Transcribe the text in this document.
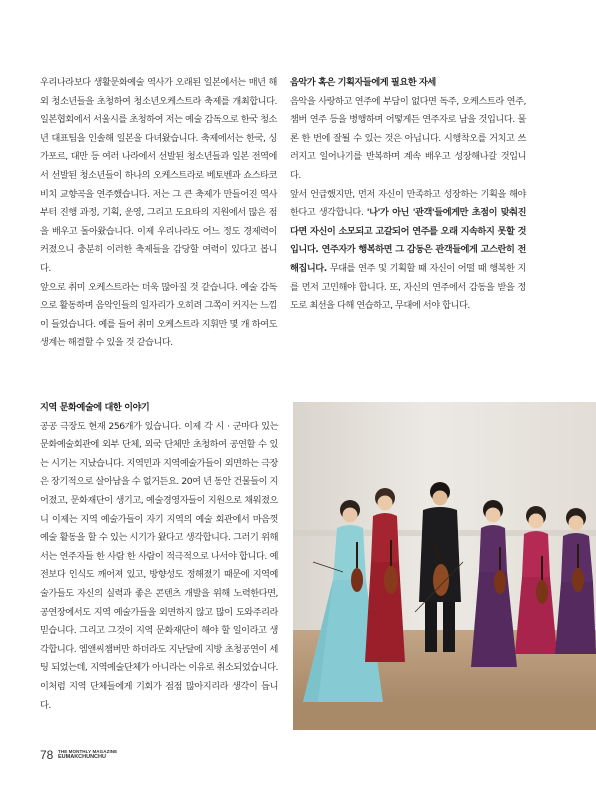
우리나라보다 생활문화예술 역사가 오래된 일본에서는 매년 해외 청소년들을 초청하여 청소년오케스트라 축제를 개최합니다. 일본협회에서 서울시를 초청하여 저는 예술 감독으로 한국 청소년 대표팀을 인솔해 일본을 다녀왔습니다. 축제에서는 한국, 싱가포르, 대만 등 여러 나라에서 선발된 청소년들과 일본 전역에서 선발된 청소년들이 하나의 오케스트라로 베토벤과 쇼스타코비치 교향곡을 연주했습니다. 저는 그 큰 축제가 만들어진 역사부터 진행 과정, 기획, 운영, 그리고 도요타의 지원에서 많은 점을 배우고 돌아왔습니다. 이제 우리나라도 어느 정도 경제력이 커졌으니 충분히 이러한 축제들을 감당할 여력이 있다고 봅니다.

앞으로 취미 오케스트라는 더욱 많아질 것 같습니다. 예술 감독으로 활동하며 음악인들의 일자리가 오히려 그쪽이 커지는 느낌이 들었습니다. 예를 들어 취미 오케스트라 지휘만 몇 개 하여도 생계는 해결할 수 있을 것 같습니다.

음악가 혹은 기획자들에게 필요한 자세

음악을 사랑하고 연주에 부담이 없다면 독주, 오케스트라 연주, 챔버 연주 등을 병행하며 어떻게든 연주자로 남을 것입니다. 물론 한 번에 잘될 수 있는 것은 아닙니다. 시행착오를 거치고 쓰러지고 일어나기를 반복하며 계속 배우고 성장해나갈 것입니다.

앞서 언급했지만, 먼저 자신이 만족하고 성장하는 기획을 해야 한다고 생각합니다. '나'가 아닌 '관객'들에게만 초점이 맞춰진다면 자신이 소모되고 고갈되어 연주를 오래 지속하지 못할 것입니다. 연주자가 행복하면 그 감동은 관객들에게 고스란히 전해집니다. 무대를 연주 및 기획할 때 자신이 어떨 때 행복한 지를 먼저 고민해야 합니다. 또, 자신의 연주에서 감동을 받을 정도로 최선을 다해 연습하고, 무대에 서야 합니다.

지역 문화예술에 대한 이야기

공공 극장도 현재 256개가 있습니다. 이제 각 시 · 군마다 있는 문화예술회관에 외부 단체, 외국 단체만 초청하여 공연할 수 있는 시기는 지났습니다. 지역민과 지역예술가들이 외면하는 극장은 장기적으로 살아남을 수 없거든요. 20여 년 동안 건물들이 지어졌고, 문화재단이 생기고, 예술경영자들이 지원으로 채워졌으니 이제는 지역 예술가들이 자기 지역의 예술 회관에서 마음껏 예술 활동을 할 수 있는 시기가 왔다고 생각합니다. 그러기 위해서는 연주자들 한 사람 한 사람이 적극적으로 나서야 합니다. 예전보다 인식도 깨어져 있고, 방향성도 정해졌기 때문에 지역예술가들도 자신의 실력과 좋은 콘텐츠 개발을 위해 노력한다면, 공연장에서도 지역 예술가들을 외면하지 않고 많이 도와주리라 믿습니다. 그리고 그것이 지역 문화재단이 해야 할 일이라고 생각합니다. 엠앤씨챔버만 하더라도 지난달에 지방 초청공연이 세팅 되었는데, 지역예술단체가 아니라는 이유로 취소되었습니다. 이처럼 지역 단체들에게 기회가 점점 많아지리라 생각이 듭니다.

78 THE MONTHLY MAGAZINE
EUMAKCHUNCHU
